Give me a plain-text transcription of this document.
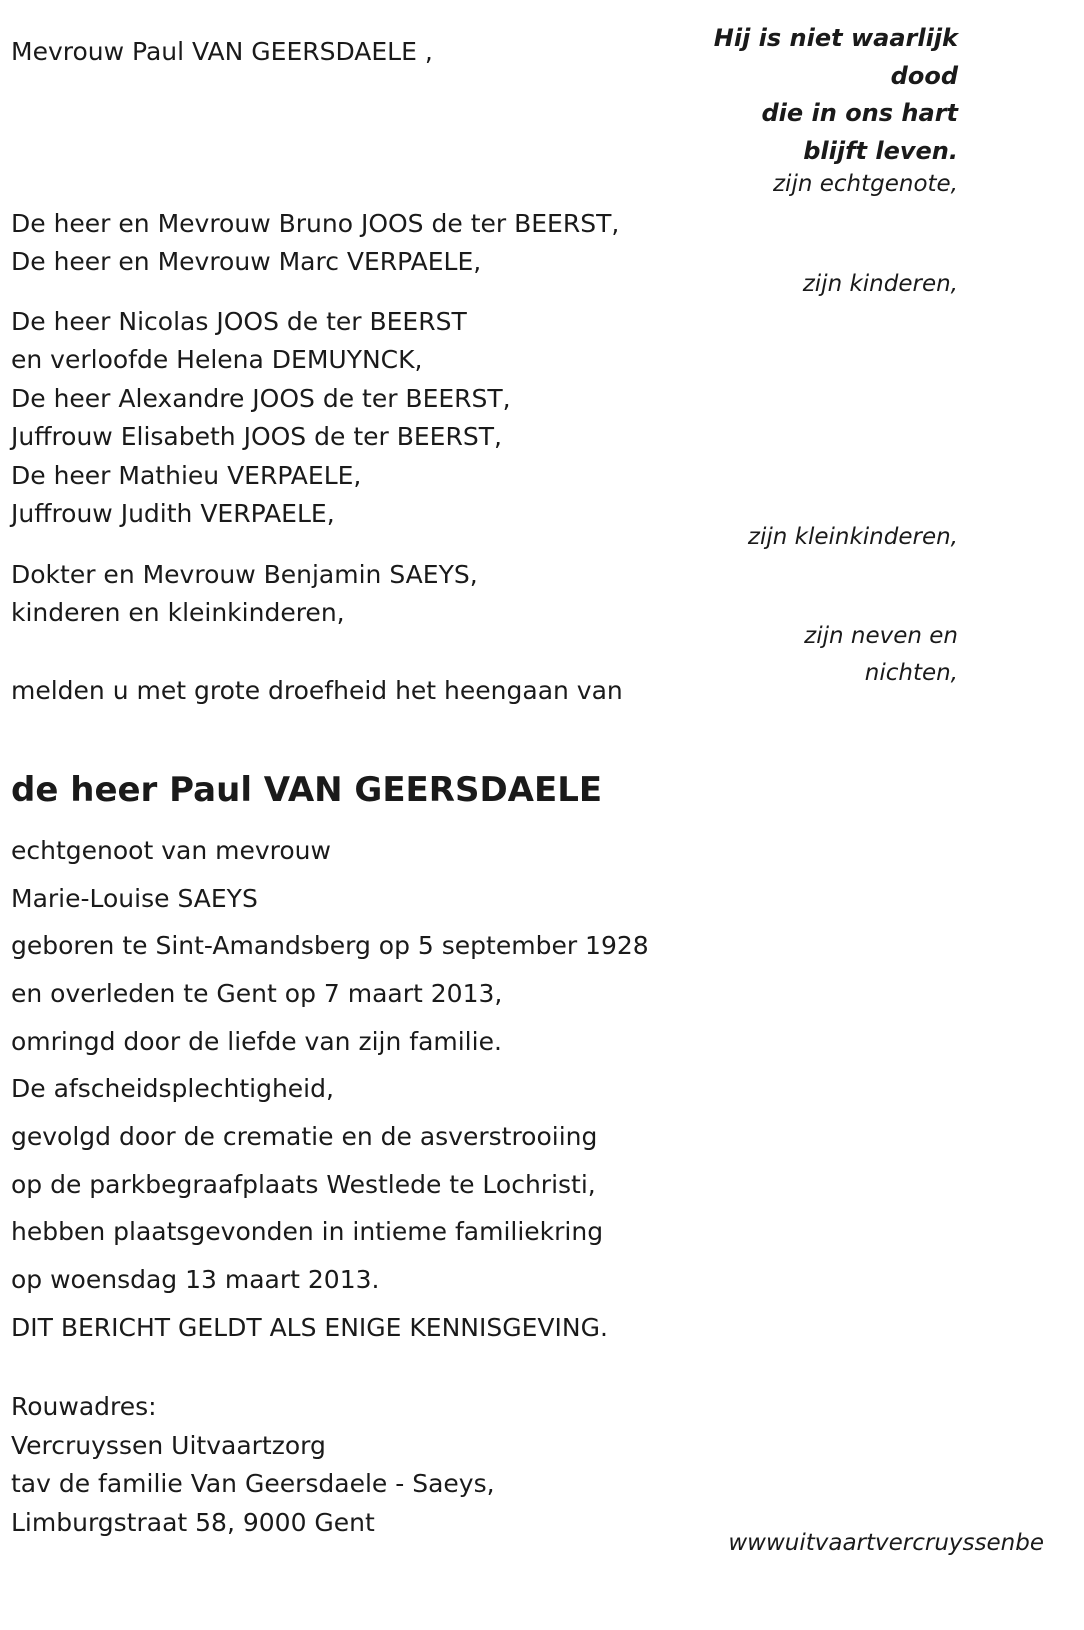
Hij is niet waarlijk
dood
die in ons hart
blijft leven.

Mevrouw Paul VAN GEERSDAELE ,

zijn echtgenote,

De heer en Mevrouw Bruno JOOS de ter BEERST,

De heer en Mevrouw Marc VERPAELE,

zijn kinderen,

De heer Nicolas JOOS de ter BEERST

en verloofde Helena DEMUYNCK,

De heer Alexandre JOOS de ter BEERST,

Juffrouw Elisabeth JOOS de ter BEERST,

De heer Mathieu VERPAELE,

Juffrouw Judith VERPAELE,

zijn kleinkinderen,

Dokter en Mevrouw Benjamin SAEYS,

kinderen en kleinkinderen,

zijn neven en
nichten,

melden u met grote droefheid het heengaan van

de heer Paul VAN GEERSDAELE

echtgenoot van mevrouw

Marie-Louise SAEYS

geboren te Sint-Amandsberg op 5 september 1928

en overleden te Gent op 7 maart 2013,

omringd door de liefde van zijn familie.

De afscheidsplechtigheid,

gevolgd door de crematie en de asverstrooiing

op de parkbegraafplaats Westlede te Lochristi,

hebben plaatsgevonden in intieme familiekring

op woensdag 13 maart 2013.

DIT BERICHT GELDT ALS ENIGE KENNISGEVING.

Rouwadres:

Vercruyssen Uitvaartzorg

tav de familie Van Geersdaele - Saeys,

Limburgstraat 58, 9000 Gent

wwwuitvaartvercruyssenbe
